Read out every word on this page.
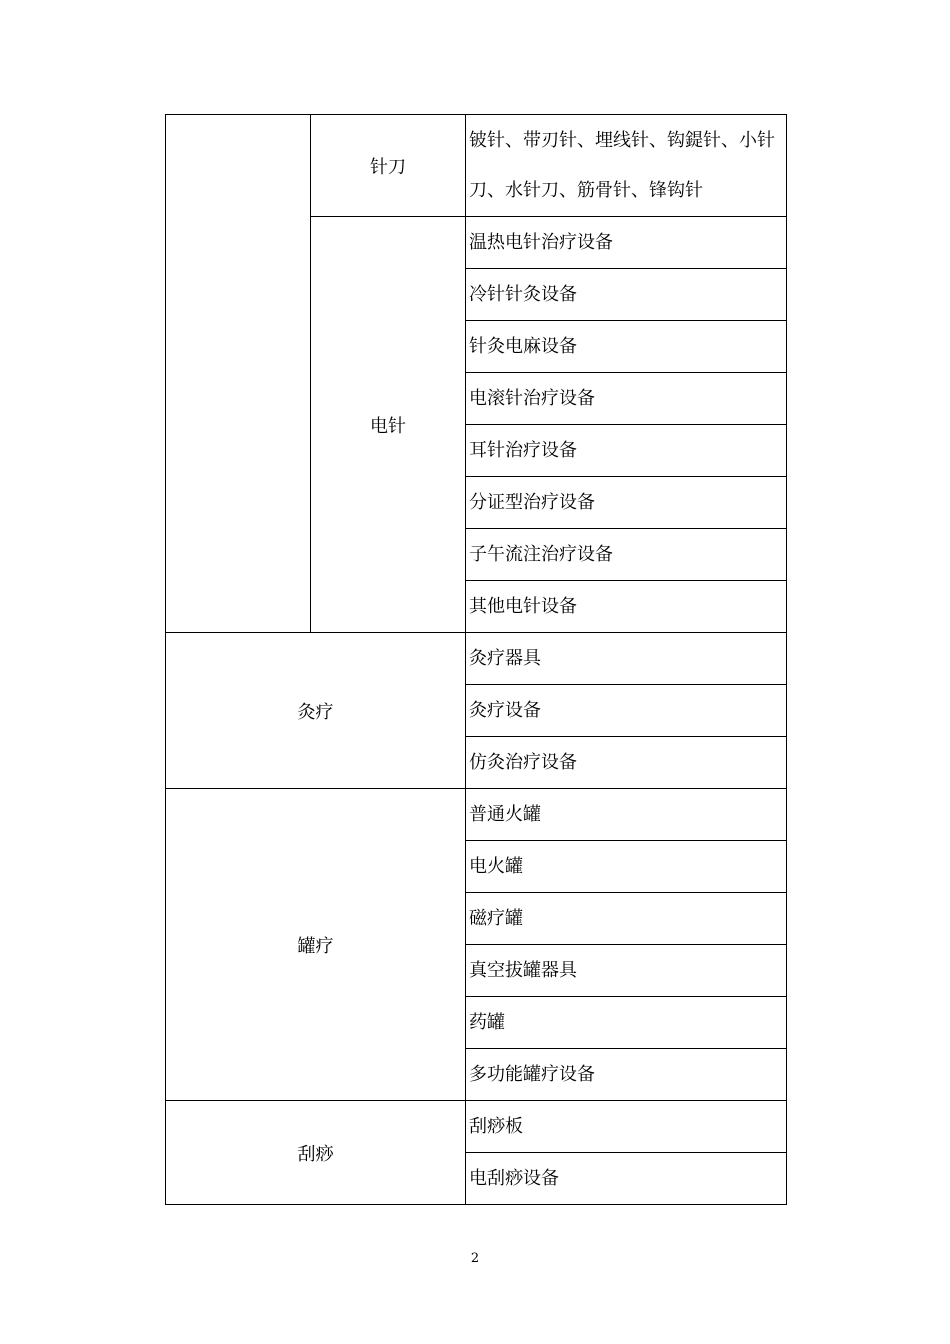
	针刀	铍针、带刃针、埋线针、钩鍉针、小针刀、水针刀、筋骨针、锋钩针
	电针	温热电针治疗设备
		冷针针灸设备
		针灸电麻设备
		电滚针治疗设备
		耳针治疗设备
		分证型治疗设备
		子午流注治疗设备
		其他电针设备
灸疗		灸疗器具
		灸疗设备
		仿灸治疗设备
罐疗		普通火罐
		电火罐
		磁疗罐
		真空拔罐器具
		药罐
		多功能罐疗设备
刮痧		刮痧板
		电刮痧设备
2
